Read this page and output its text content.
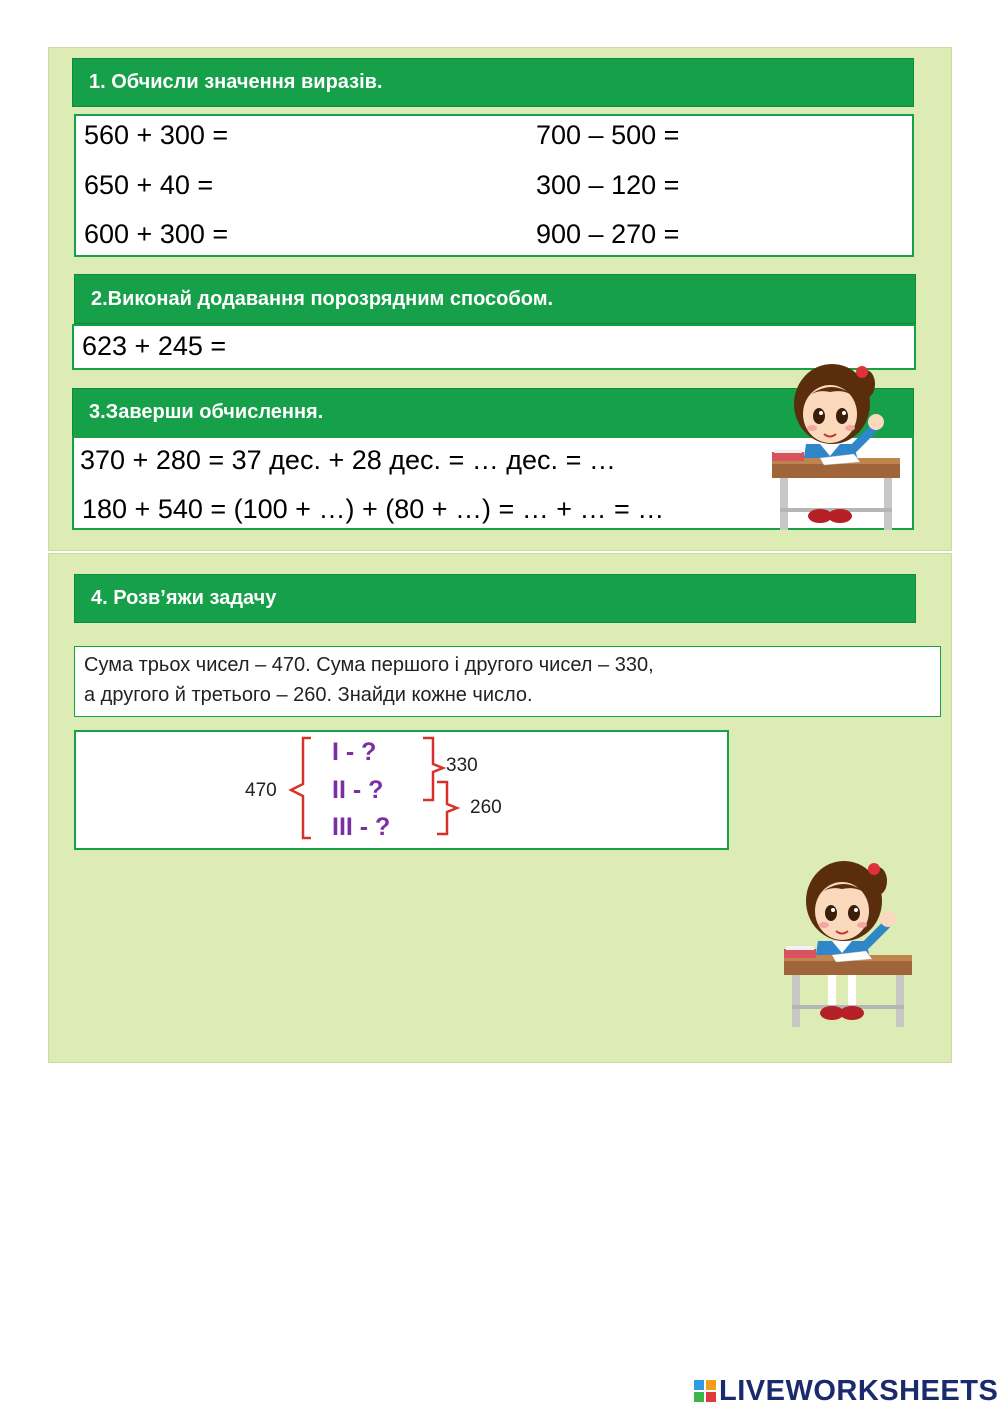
1. Обчисли значення виразів.
560 + 300 =
650 + 40 =
600 + 300 =
700 – 500 =
300 – 120 =
900 – 270 =
2.Виконай додавання порозрядним способом.
623 + 245 =
3.Заверши обчислення.
370 + 280 = 37 дес. + 28 дес. = … дес. = …
180 + 540 = (100 + …) + (80 + …) = … + … = …
4. Розв’яжи задачу
Сума трьох чисел – 470. Сума першого і другого чисел – 330,
а другого й третього – 260. Знайди кожне число.
470
I - ?
II - ?
III - ?
330
260
LIVEWORKSHEETS
